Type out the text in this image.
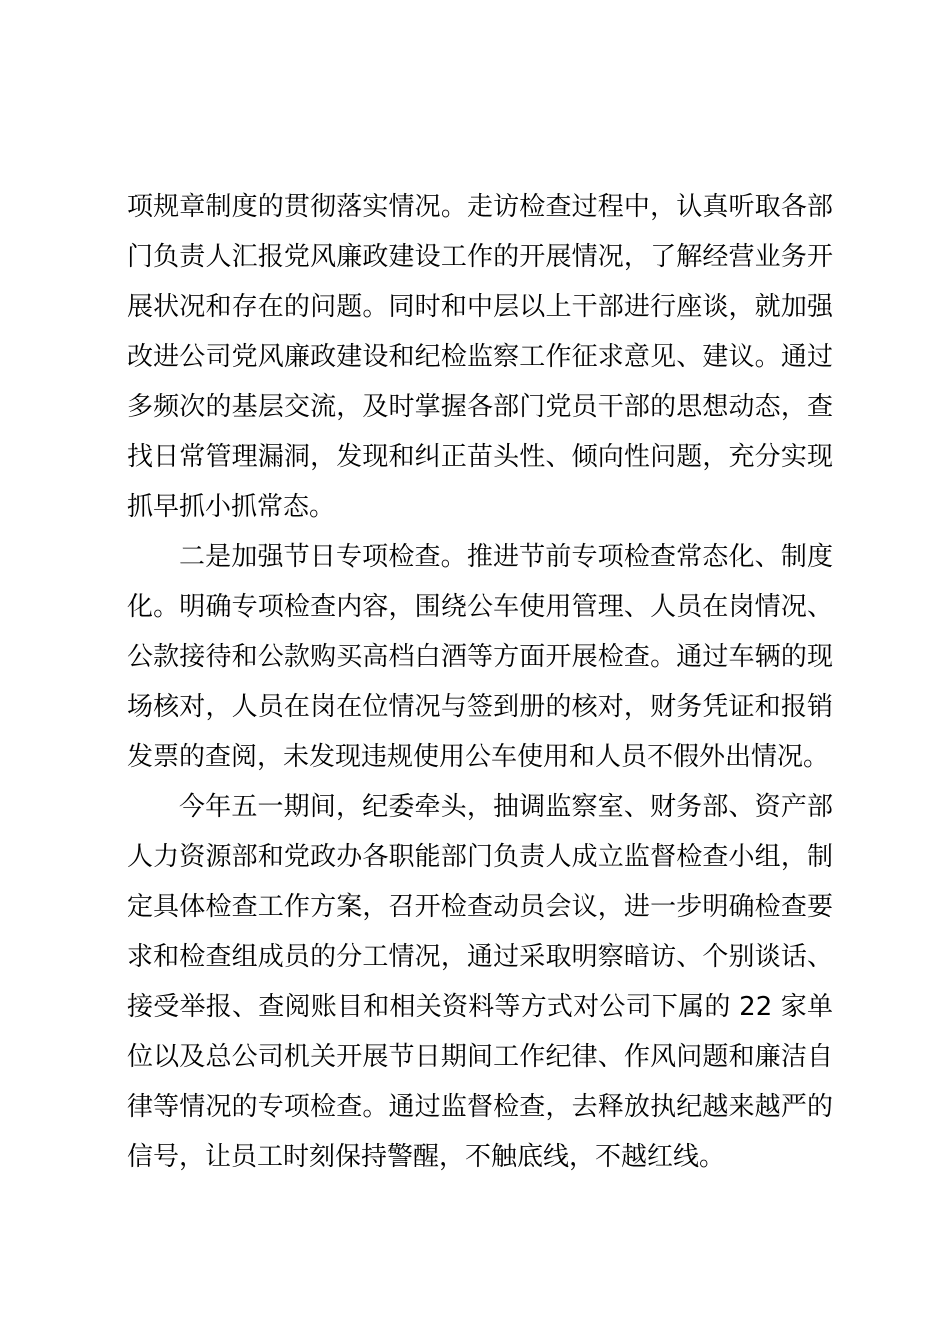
项规章制度的贯彻落实情况。走访检查过程中，认真听取各部
门负责人汇报党风廉政建设工作的开展情况，了解经营业务开
展状况和存在的问题。同时和中层以上干部进行座谈，就加强
改进公司党风廉政建设和纪检监察工作征求意见、建议。通过
多频次的基层交流，及时掌握各部门党员干部的思想动态，查
找日常管理漏洞，发现和纠正苗头性、倾向性问题，充分实现
抓早抓小抓常态。
二是加强节日专项检查。推进节前专项检查常态化、制度
化。明确专项检查内容，围绕公车使用管理、人员在岗情况、
公款接待和公款购买高档白酒等方面开展检查。通过车辆的现
场核对，人员在岗在位情况与签到册的核对，财务凭证和报销
发票的查阅，未发现违规使用公车使用和人员不假外出情况。
今年五一期间，纪委牵头，抽调监察室、财务部、资产部
人力资源部和党政办各职能部门负责人成立监督检查小组，制
定具体检查工作方案，召开检查动员会议，进一步明确检查要
求和检查组成员的分工情况，通过采取明察暗访、个别谈话、
接受举报、查阅账目和相关资料等方式对公司下属的 22 家单
位以及总公司机关开展节日期间工作纪律、作风问题和廉洁自
律等情况的专项检查。通过监督检查，去释放执纪越来越严的
信号，让员工时刻保持警醒，不触底线，不越红线。
